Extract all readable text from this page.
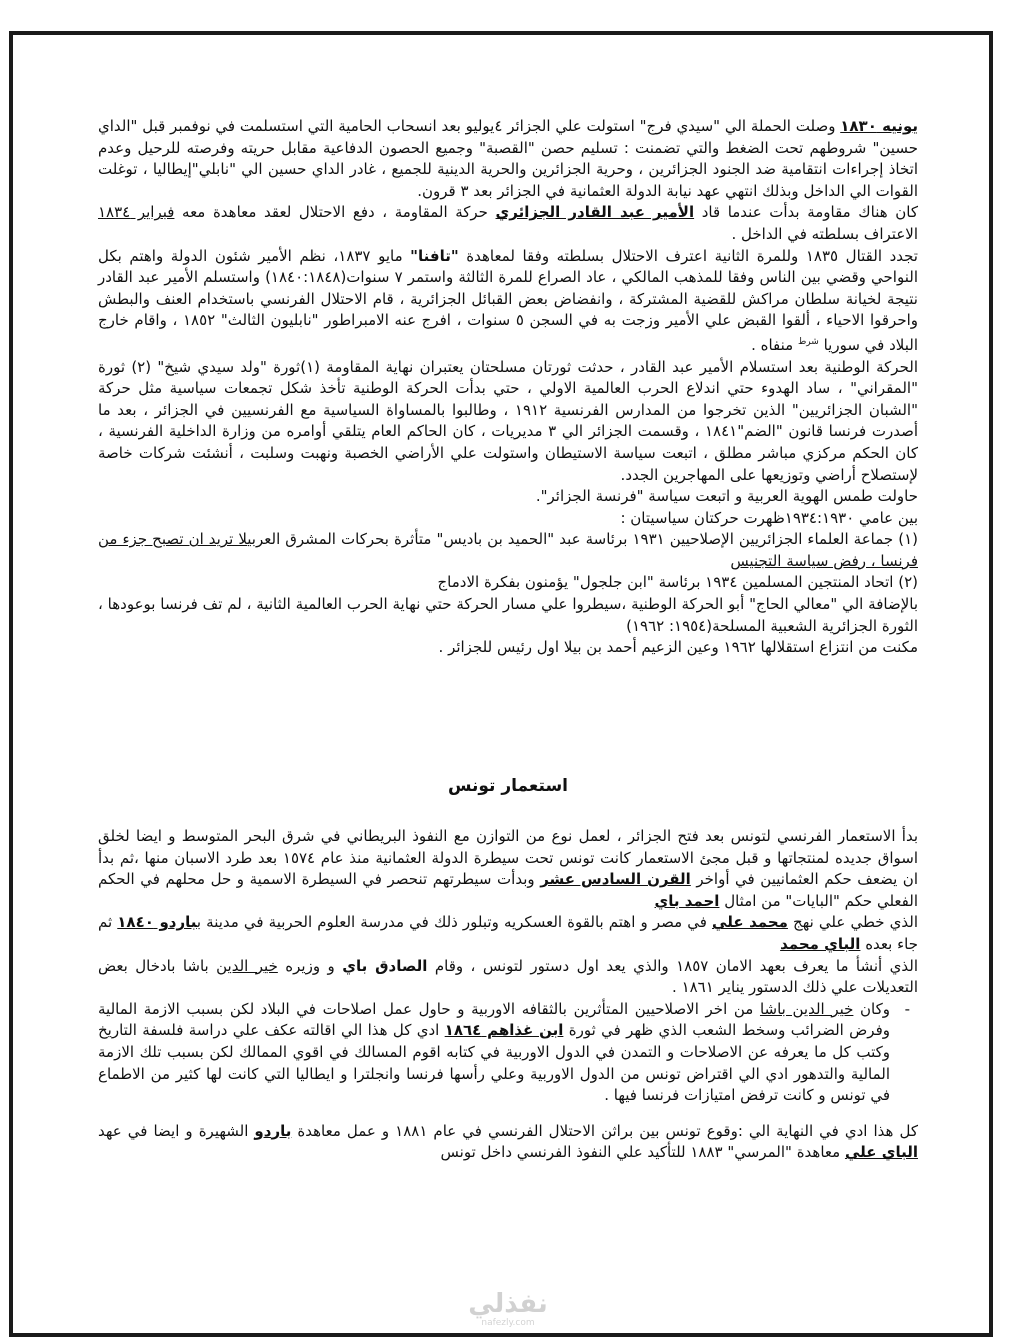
يونيه ١٨٣٠ وصلت الحملة الي "سيدي فرج" استولت علي الجزائر ٤يوليو بعد انسحاب الحامية التي استسلمت في نوفمبر قبل "الداي حسين" شروطهم تحت الضغط والتي تضمنت : تسليم حصن "القصبة" وجميع الحصون الدفاعية مقابل حريته وفرصته للرحيل وعدم اتخاذ إجراءات انتقامية ضد الجنود الجزائرين ، وحرية الجزائرين والحرية الدينية للجميع ، غادر الداي حسين الي "نابلي"إيطاليا ، توغلت القوات الي الداخل وبذلك انتهي عهد نيابة الدولة العثمانية في الجزائر بعد ٣ قرون.

كان هناك مقاومة بدأت عندما قاد الأمير عبد القادر الجزائري حركة المقاومة ، دفع الاحتلال لعقد معاهدة معه فبراير ١٨٣٤ الاعتراف بسلطته في الداخل .

تجدد القتال ١٨٣٥ وللمرة الثانية اعترف الاحتلال بسلطته وفقا لمعاهدة "تافنا" مايو ١٨٣٧، نظم الأمير شئون الدولة واهتم بكل النواحي وقضي بين الناس وفقا للمذهب المالكي ، عاد الصراع للمرة الثالثة واستمر ٧ سنوات(١٨٤٠:١٨٤٨) واستسلم الأمير عبد القادر نتيجة لخيانة سلطان مراكش للقضية المشتركة ، وانفضاض بعض القبائل الجزائرية ، قام الاحتلال الفرنسي باستخدام العنف والبطش واحرقوا الاحياء ، ألقوا القبض علي الأمير وزجت به في السجن ٥ سنوات ، افرج عنه الامبراطور "نابليون الثالث" ١٨٥٢ ، واقام خارج البلاد في سوريا $^{شرط}$ منفاه .

الحركة الوطنية بعد استسلام الأمير عبد القادر ، حدثت ثورتان مسلحتان يعتبران نهاية المقاومة (١)ثورة "ولد سيدي شيخ" (٢) ثورة "المقراني" ، ساد الهدوء حتي اندلاع الحرب العالمية الاولي ، حتي بدأت الحركة الوطنية تأخذ شكل تجمعات سياسية مثل حركة "الشبان الجزائريين" الذين تخرجوا من المدارس الفرنسية ١٩١٢ ، وطالبوا بالمساواة السياسية مع الفرنسيين في الجزائر ، بعد ما أصدرت فرنسا قانون "الضم"١٨٤١ ، وقسمت الجزائر الي ٣ مديريات ، كان الحاكم العام يتلقي أوامره من وزارة الداخلية الفرنسية ، كان الحكم مركزي مباشر مطلق ، اتبعت سياسة الاستيطان واستولت علي الأراضي الخصبة ونهبت وسلبت ، أنشئت شركات خاصة لإستصلاح أراضي وتوزيعها على المهاجرين الجدد.

حاولت طمس الهوية العربية و اتبعت سياسة "فرنسة الجزائر".

بين عامي ١٩٣٤:١٩٣٠ظهرت حركتان سياسيتان :

(١) جماعة العلماء الجزائريين الإصلاحيين ١٩٣١ برئاسة عبد "الحميد بن باديس" متأثرة بحركات المشرق العربيلا تريد ان تصبح جزء من فرنسا ، رفض سياسة التجنيس

(٢) اتحاد المنتجين المسلمين ١٩٣٤ برئاسة "ابن جلجول" يؤمنون بفكرة الادماج

بالإضافة الي "معالي الحاج" أبو الحركة الوطنية ،سيطروا علي مسار الحركة حتي نهاية الحرب العالمية الثانية ، لم تف فرنسا بوعودها ، الثورة الجزائرية الشعبية المسلحة(١٩٥٤: ١٩٦٢)

مكنت من انتزاع استقلالها ١٩٦٢ وعين الزعيم أحمد بن بيلا اول رئيس للجزائر .

استعمار تونس

بدأ الاستعمار الفرنسي لتونس بعد فتح الجزائر ، لعمل نوع من التوازن مع النفوذ البريطاني في شرق البحر المتوسط و ايضا لخلق اسواق جديده لمنتجاتها و قبل مجئ الاستعمار كانت تونس تحت سيطرة الدولة العثمانية منذ عام ١٥٧٤ بعد طرد الاسبان منها ،ثم بدأ ان يضعف حكم العثمانيين في أواخر القرن السادس عشر وبدأت سيطرتهم تنحصر في السيطرة الاسمية و حل محلهم في الحكم الفعلي حكم "البايات" من امثال احمد باي

الذي خطي علي نهج محمد علي في مصر و اهتم بالقوة العسكريه وتبلور ذلك في مدرسة العلوم الحربية في مدينة بباردو ١٨٤٠ ثم جاء بعده الباي محمد

الذي أنشأ ما يعرف بعهد الامان ١٨٥٧ والذي يعد اول دستور لتونس ، وقام الصادق باي و وزيره خير الدين باشا بادخال بعض التعديلات علي ذلك الدستور يناير ١٨٦١ .

-
وكان خير الدين باشا من اخر الاصلاحيين المتأثرين بالثقافه الاوربية و حاول عمل اصلاحات في البلاد لكن بسبب الازمة المالية وفرض الضرائب وسخط الشعب الذي ظهر في ثورة ابن غذاهم ١٨٦٤ ادي كل هذا الي اقالته عكف علي دراسة فلسفة التاريخ وكتب كل ما يعرفه عن الاصلاحات و التمدن في الدول الاوربية في كتابه اقوم المسالك في اقوي الممالك لكن بسبب تلك الازمة المالية والتدهور ادي الي اقتراض تونس من الدول الاوربية وعلي رأسها فرنسا وانجلترا و ايطاليا التي كانت لها كثير من الاطماع في تونس و كانت ترفض امتيازات فرنسا فيها .

كل هذا ادي في النهاية الي :وقوع تونس بين براثن الاحتلال الفرنسي في عام ١٨٨١ و عمل معاهدة باردو الشهيرة و ايضا في عهد الباي علي معاهدة "المرسي" ١٨٨٣ للتأكيد علي النفوذ الفرنسي داخل تونس

نفذلي
nafezly.com
